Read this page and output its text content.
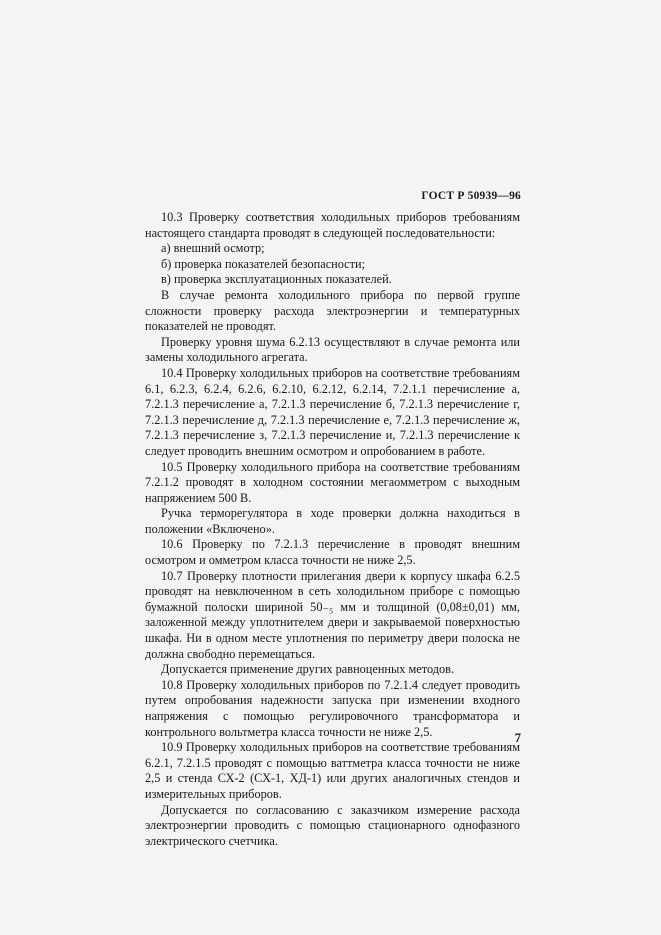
ГОСТ Р 50939—96

10.3 Проверку соответствия холодильных приборов требованиям настоящего стандарта проводят в следующей последовательности:

а) внешний осмотр;

б) проверка показателей безопасности;

в) проверка эксплуатационных показателей.

В случае ремонта холодильного прибора по первой группе сложности проверку расхода электроэнергии и температурных показателей не проводят.

Проверку уровня шума 6.2.13 осуществляют в случае ремонта или замены холодильного агрегата.

10.4 Проверку холодильных приборов на соответствие требованиям 6.1, 6.2.3, 6.2.4, 6.2.6, 6.2.10, 6.2.12, 6.2.14, 7.2.1.1 перечисление а, 7.2.1.3 перечисление а, 7.2.1.3 перечисление б, 7.2.1.3 перечисление г, 7.2.1.3 перечисление д, 7.2.1.3 перечисление е, 7.2.1.3 перечисление ж, 7.2.1.3 перечисление з, 7.2.1.3 перечисление и, 7.2.1.3 перечисление к следует проводить внешним осмотром и опробованием в работе.

10.5 Проверку холодильного прибора на соответствие требованиям 7.2.1.2 проводят в холодном состоянии мегаомметром с выходным напряжением 500 В.

Ручка терморегулятора в ходе проверки должна находиться в положении «Включено».

10.6 Проверку по 7.2.1.3 перечисление в проводят внешним осмотром и омметром класса точности не ниже 2,5.

10.7 Проверку плотности прилегания двери к корпусу шкафа 6.2.5 проводят на невключенном в сеть холодильном приборе с помощью бумажной полоски шириной 50₋₅ мм и толщиной (0,08±0,01) мм, заложенной между уплотнителем двери и закрываемой поверхностью шкафа. Ни в одном месте уплотнения по периметру двери полоска не должна свободно перемещаться.

Допускается применение других равноценных методов.

10.8 Проверку холодильных приборов по 7.2.1.4 следует проводить путем опробования надежности запуска при изменении входного напряжения с помощью регулировочного трансформатора и контрольного вольтметра класса точности не ниже 2,5.

10.9 Проверку холодильных приборов на соответствие требованиям 6.2.1, 7.2.1.5 проводят с помощью ваттметра класса точности не ниже 2,5 и стенда СХ-2 (СХ-1, ХД-1) или других аналогичных стендов и измерительных приборов.

Допускается по согласованию с заказчиком измерение расхода электроэнергии проводить с помощью стационарного однофазного электрического счетчика.

7
